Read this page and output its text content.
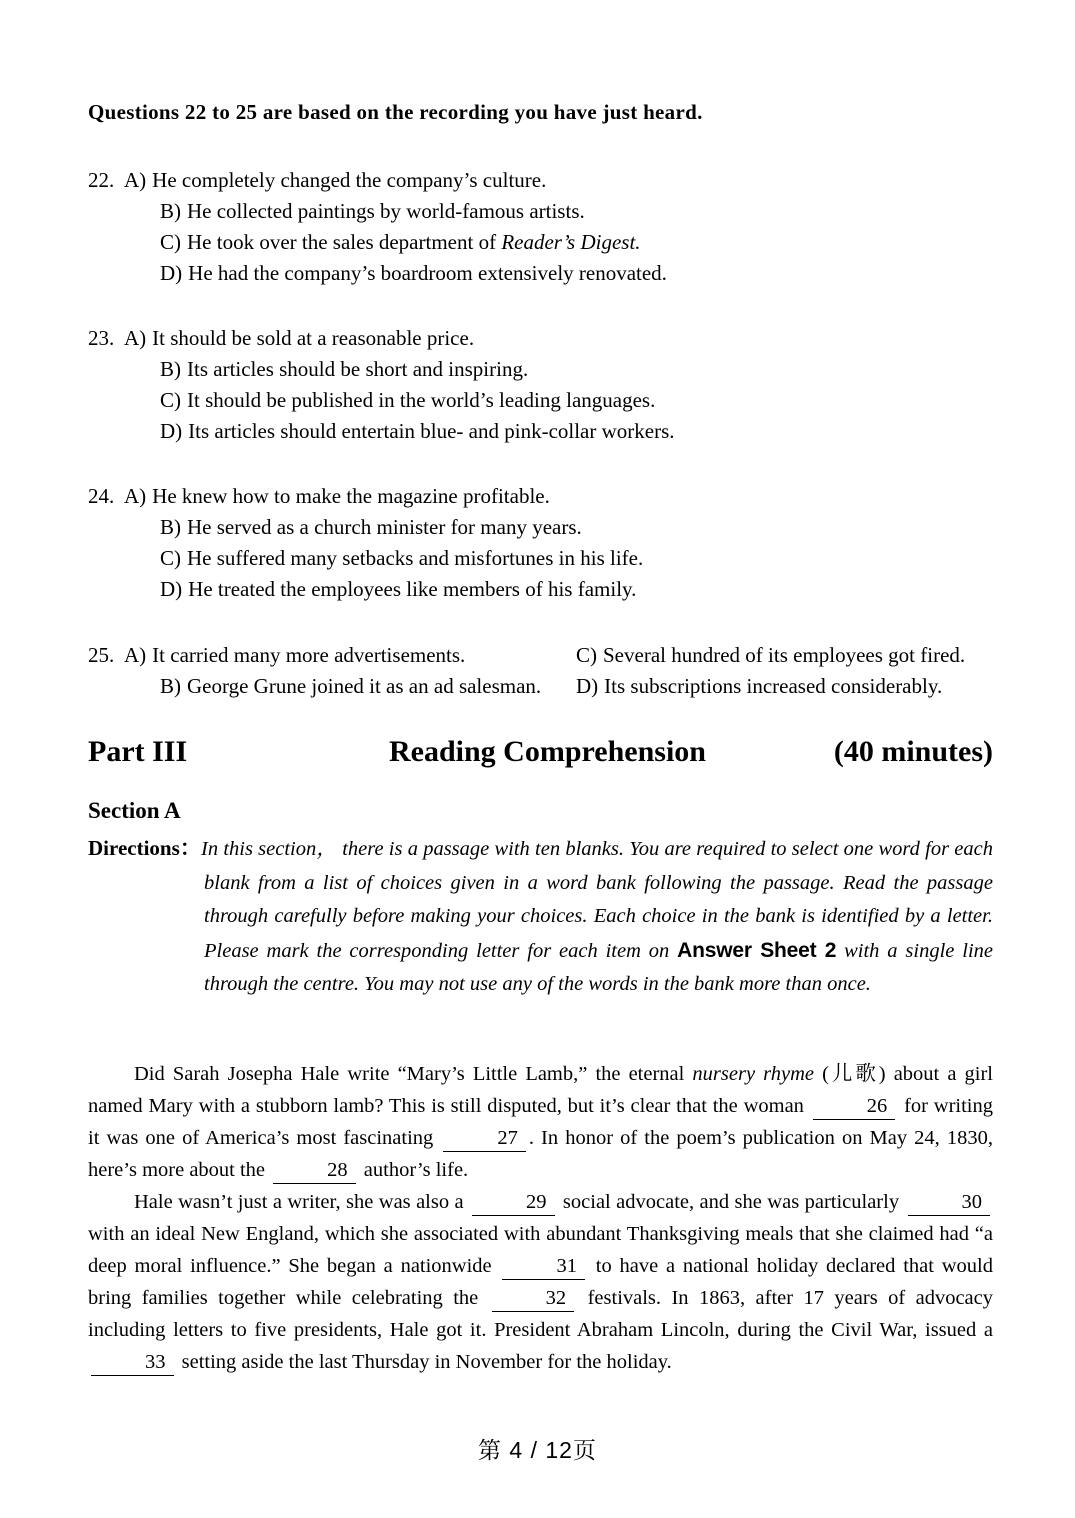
Questions 22 to 25 are based on the recording you have just heard.
22. A) He completely changed the company’s culture.
B) He collected paintings by world-famous artists.
C) He took over the sales department of Reader’s Digest.
D) He had the company’s boardroom extensively renovated.
23. A) It should be sold at a reasonable price.
B) Its articles should be short and inspiring.
C) It should be published in the world’s leading languages.
D) Its articles should entertain blue- and pink-collar workers.
24. A) He knew how to make the magazine profitable.
B) He served as a church minister for many years.
C) He suffered many setbacks and misfortunes in his life.
D) He treated the employees like members of his family.
25. A) It carried many more advertisements.	C) Several hundred of its employees got fired.
B) George Grune joined it as an ad salesman. D) Its subscriptions increased considerably.
Part III	Reading Comprehension	(40 minutes)
Section A

Directions：In this section， there is a passage with ten blanks. You are required to select one word for each blank from a list of choices given in a word bank following the passage. Read the passage through carefully before making your choices. Each choice in the bank is identified by a letter. Please mark the corresponding letter for each item on Answer Sheet 2 with a single line through the centre. You may not use any of the words in the bank more than once.

Did Sarah Josepha Hale write “Mary’s Little Lamb,” the eternal nursery rhyme (儿歌) about a girl named Mary with a stubborn lamb? This is still disputed, but it’s clear that the woman	26 for writing it was one of America’s most fascinating	27 . In honor of the poem’s publication on May 24, 1830, here’s more about the	28 author’s life.

Hale wasn’t just a writer, she was also a	29 social advocate, and she was particularly	30 with an ideal New England, which she associated with abundant Thanksgiving meals that she claimed had “a deep moral influence.” She began a nationwide	31 to have a national holiday declared that would bring families together while celebrating the	32 festivals. In 1863, after 17 years of advocacy including letters to five presidents, Hale got it. President Abraham Lincoln, during the Civil War, issued a 33 setting aside the last Thursday in November for the holiday.

第 4 / 12页
